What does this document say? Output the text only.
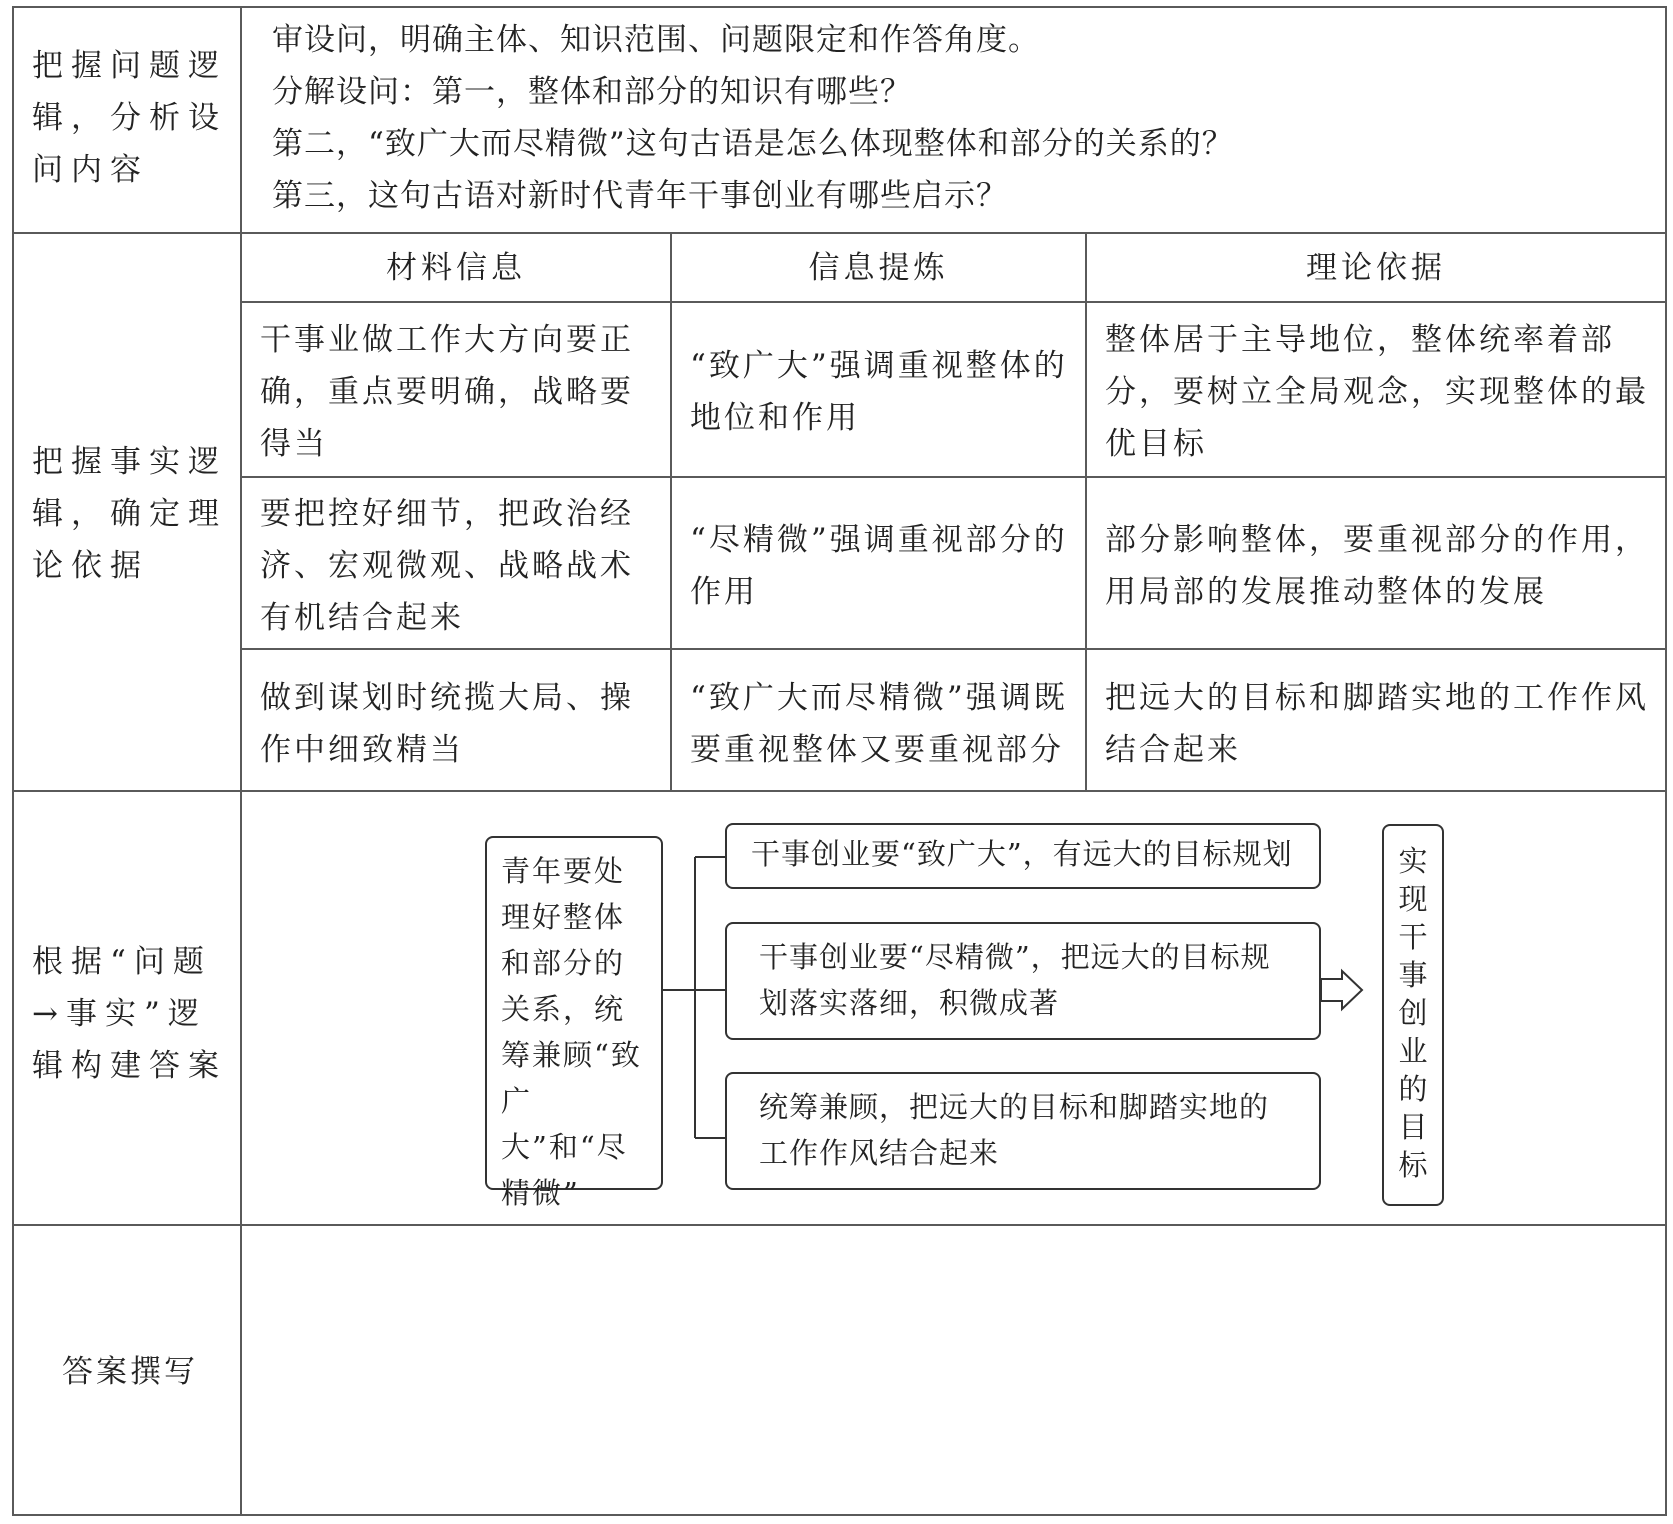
把握问题逻辑，分析设问内容
审设问，明确主体、知识范围、问题限定和作答角度。
分解设问：第一，整体和部分的知识有哪些？
第二，“致广大而尽精微”这句古语是怎么体现整体和部分的关系的？
第三，这句古语对新时代青年干事创业有哪些启示？
把握事实逻辑，确定理论依据
材料信息	信息提炼	理论依据
干事业做工作大方向要正确，重点要明确，战略要得当
“致广大”强调重视整体的地位和作用
整体居于主导地位，整体统率着部分，要树立全局观念，实现整体的最优目标
要把控好细节，把政治经济、宏观微观、战略战术有机结合起来
“尽精微”强调重视部分的作用
部分影响整体，要重视部分的作用，用局部的发展推动整体的发展
做到谋划时统揽大局、操作中细致精当
“致广大而尽精微”强调既要重视整体又要重视部分
把远大的目标和脚踏实地的工作作风结合起来
根据“问题→事实”逻辑构建答案
青年要处理好整体和部分的关系，统筹兼顾“致广大”和“尽精微”
干事创业要“致广大”，有远大的目标规划
干事创业要“尽精微”，把远大的目标规划落实落细，积微成著
统筹兼顾，把远大的目标和脚踏实地的工作作风结合起来
实现干事创业的目标
答案撰写
